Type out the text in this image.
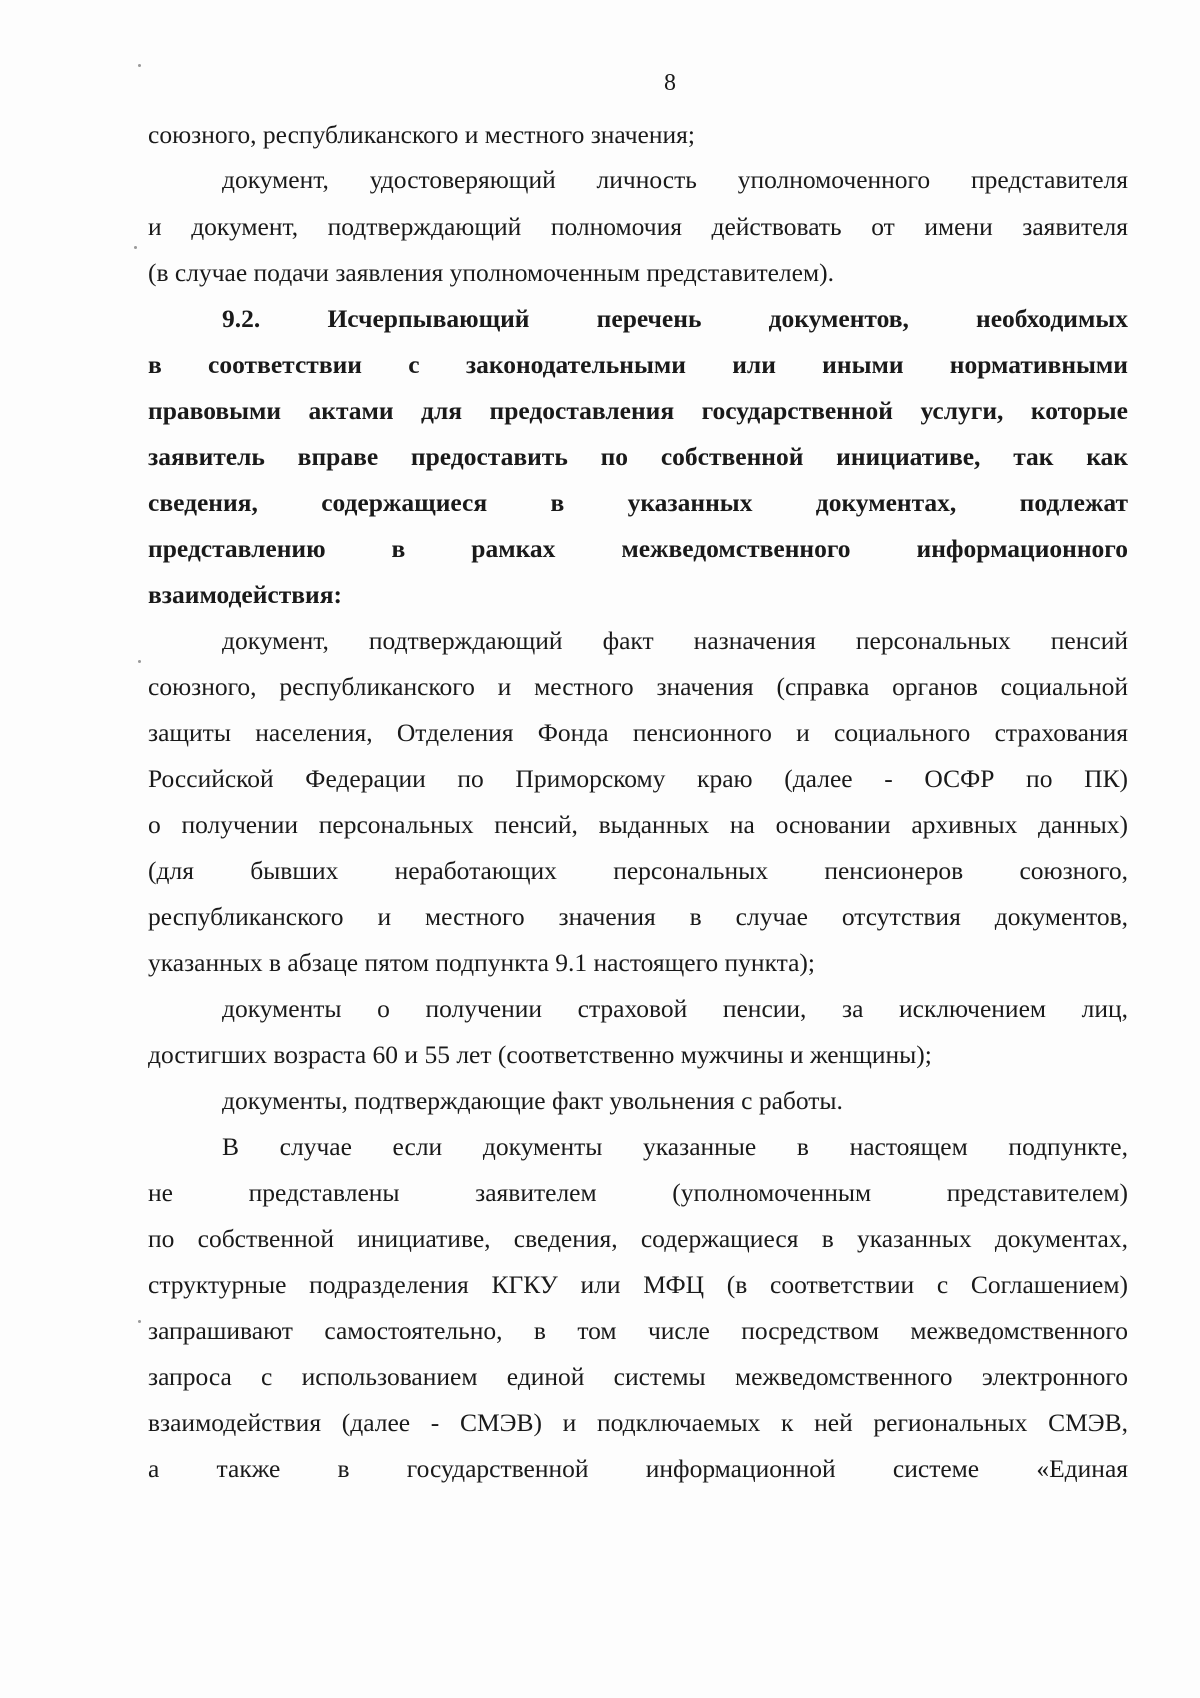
8
союзного, республиканского и местного значения;
документ, удостоверяющий личность уполномоченного представителя
и документ, подтверждающий полномочия действовать от имени заявителя
(в случае подачи заявления уполномоченным представителем).
9.2. Исчерпывающий перечень документов, необходимых
в соответствии с законодательными или иными нормативными
правовыми актами для предоставления государственной услуги, которые
заявитель вправе предоставить по собственной инициативе, так как
сведения, содержащиеся в указанных документах, подлежат
представлению в рамках межведомственного информационного
взаимодействия:
документ, подтверждающий факт назначения персональных пенсий
союзного, республиканского и местного значения (справка органов социальной
защиты населения, Отделения Фонда пенсионного и социального страхования
Российской Федерации по Приморскому краю (далее - ОСФР по ПК)
о получении персональных пенсий, выданных на основании архивных данных)
(для бывших неработающих персональных пенсионеров союзного,
республиканского и местного значения в случае отсутствия документов,
указанных в абзаце пятом подпункта 9.1 настоящего пункта);
документы о получении страховой пенсии, за исключением лиц,
достигших возраста 60 и 55 лет (соответственно мужчины и женщины);
документы, подтверждающие факт увольнения с работы.
В случае если документы указанные в настоящем подпункте,
не представлены заявителем (уполномоченным представителем)
по собственной инициативе, сведения, содержащиеся в указанных документах,
структурные подразделения КГКУ или МФЦ (в соответствии с Соглашением)
запрашивают самостоятельно, в том числе посредством межведомственного
запроса с использованием единой системы межведомственного электронного
взаимодействия (далее - СМЭВ) и подключаемых к ней региональных СМЭВ,
а также в государственной информационной системе «Единая
